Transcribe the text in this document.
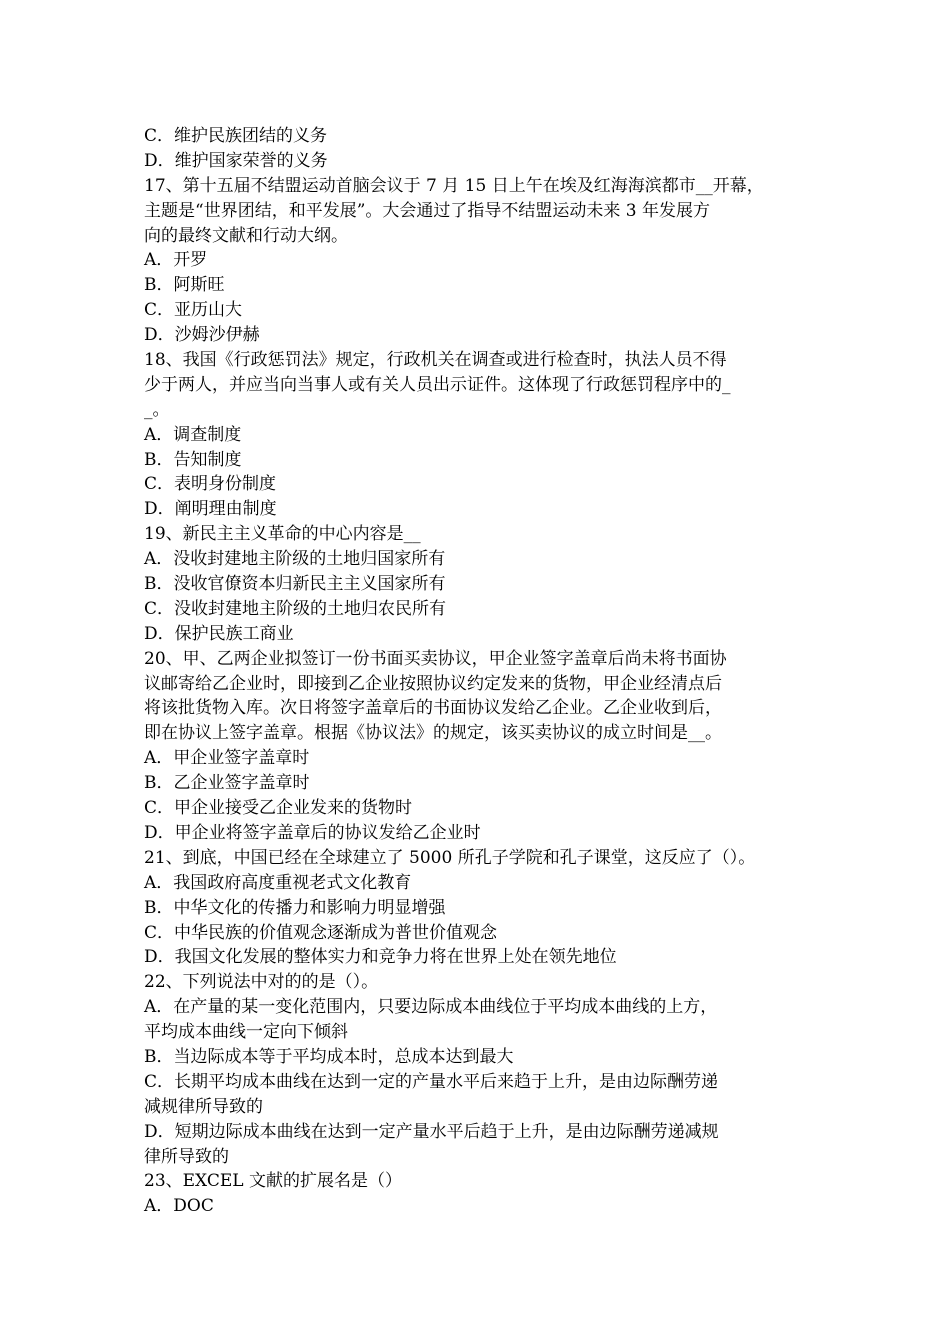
C．维护民族团结的义务
D．维护国家荣誉的义务
17、第十五届不结盟运动首脑会议于 7 月 15 日上午在埃及红海海滨都市__开幕，
主题是“世界团结，和平发展”。大会通过了指导不结盟运动未来 3 年发展方
向的最终文献和行动大纲。
A．开罗
B．阿斯旺
C．亚历山大
D．沙姆沙伊赫
18、我国《行政惩罚法》规定，行政机关在调查或进行检查时，执法人员不得
少于两人，并应当向当事人或有关人员出示证件。这体现了行政惩罚程序中的_
_。
A．调查制度
B．告知制度
C．表明身份制度
D．阐明理由制度
19、新民主主义革命的中心内容是__
A．没收封建地主阶级的土地归国家所有
B．没收官僚资本归新民主主义国家所有
C．没收封建地主阶级的土地归农民所有
D．保护民族工商业
20、甲、乙两企业拟签订一份书面买卖协议，甲企业签字盖章后尚未将书面协
议邮寄给乙企业时，即接到乙企业按照协议约定发来的货物，甲企业经清点后
将该批货物入库。次日将签字盖章后的书面协议发给乙企业。乙企业收到后，
即在协议上签字盖章。根据《协议法》的规定，该买卖协议的成立时间是__。
A．甲企业签字盖章时
B．乙企业签字盖章时
C．甲企业接受乙企业发来的货物时
D．甲企业将签字盖章后的协议发给乙企业时
21、到底，中国已经在全球建立了 5000 所孔子学院和孔子课堂，这反应了（）。
A．我国政府高度重视老式文化教育
B．中华文化的传播力和影响力明显增强
C．中华民族的价值观念逐渐成为普世价值观念
D．我国文化发展的整体实力和竞争力将在世界上处在领先地位
22、下列说法中对的的是（）。
A．在产量的某一变化范围内，只要边际成本曲线位于平均成本曲线的上方，
平均成本曲线一定向下倾斜
B．当边际成本等于平均成本时，总成本达到最大
C．长期平均成本曲线在达到一定的产量水平后来趋于上升，是由边际酬劳递
减规律所导致的
D．短期边际成本曲线在达到一定产量水平后趋于上升，是由边际酬劳递减规
律所导致的
23、EXCEL 文献的扩展名是（）
A．DOC
